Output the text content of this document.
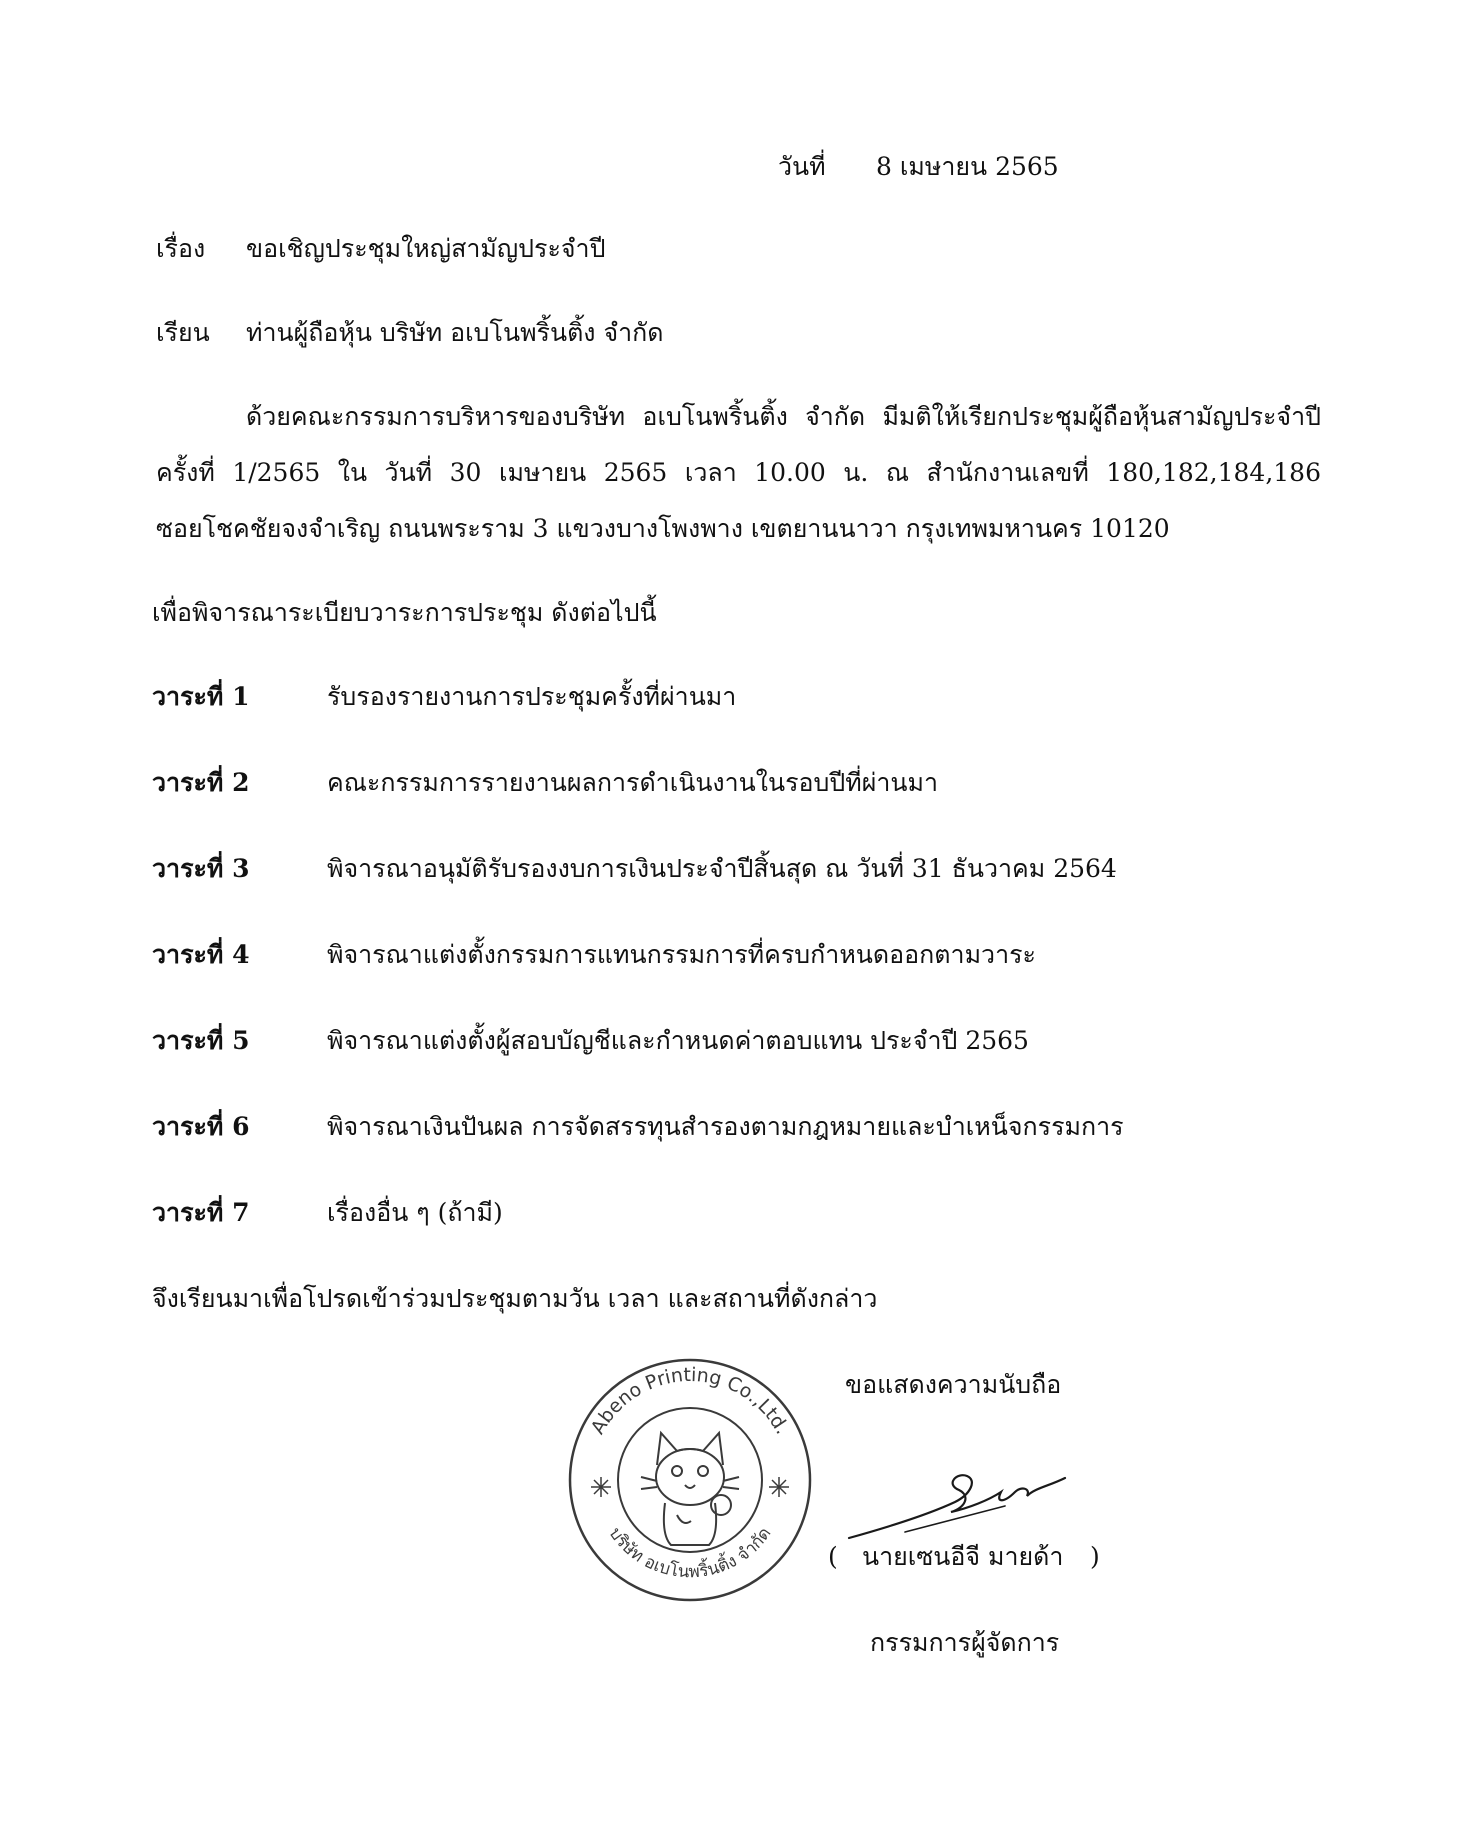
วันที่ 8 เมษายน 2565
เรื่อง ขอเชิญประชุมใหญ่สามัญประจำปี
เรียน ท่านผู้ถือหุ้น บริษัท อเบโนพริ้นติ้ง จำกัด
ด้วยคณะกรรมการบริหารของบริษัท อเบโนพริ้นติ้ง จำกัด มีมติให้เรียกประชุมผู้ถือหุ้นสามัญประจำปี
ครั้งที่ 1/2565 ใน วันที่ 30 เมษายน 2565 เวลา 10.00 น. ณ สำนักงานเลขที่ 180,182,184,186
ซอยโชคชัยจงจำเริญ ถนนพระราม 3 แขวงบางโพงพาง เขตยานนาวา กรุงเทพมหานคร 10120
เพื่อพิจารณาระเบียบวาระการประชุม ดังต่อไปนี้
วาระที่ 1	รับรองรายงานการประชุมครั้งที่ผ่านมา
วาระที่ 2	คณะกรรมการรายงานผลการดำเนินงานในรอบปีที่ผ่านมา
วาระที่ 3	พิจารณาอนุมัติรับรองงบการเงินประจำปีสิ้นสุด ณ วันที่ 31 ธันวาคม 2564
วาระที่ 4	พิจารณาแต่งตั้งกรรมการแทนกรรมการที่ครบกำหนดออกตามวาระ
วาระที่ 5	พิจารณาแต่งตั้งผู้สอบบัญชีและกำหนดค่าตอบแทน ประจำปี 2565
วาระที่ 6	พิจารณาเงินปันผล การจัดสรรทุนสำรองตามกฎหมายและบำเหน็จกรรมการ
วาระที่ 7	เรื่องอื่น ๆ (ถ้ามี)
จึงเรียนมาเพื่อโปรดเข้าร่วมประชุมตามวัน เวลา และสถานที่ดังกล่าว
ขอแสดงความนับถือ
Abeno Printing Co.,Ltd.
บริษัท อเบโนพริ้นติ้ง จำกัด
( นายเซนอีจี มายด้า )
กรรมการผู้จัดการ
